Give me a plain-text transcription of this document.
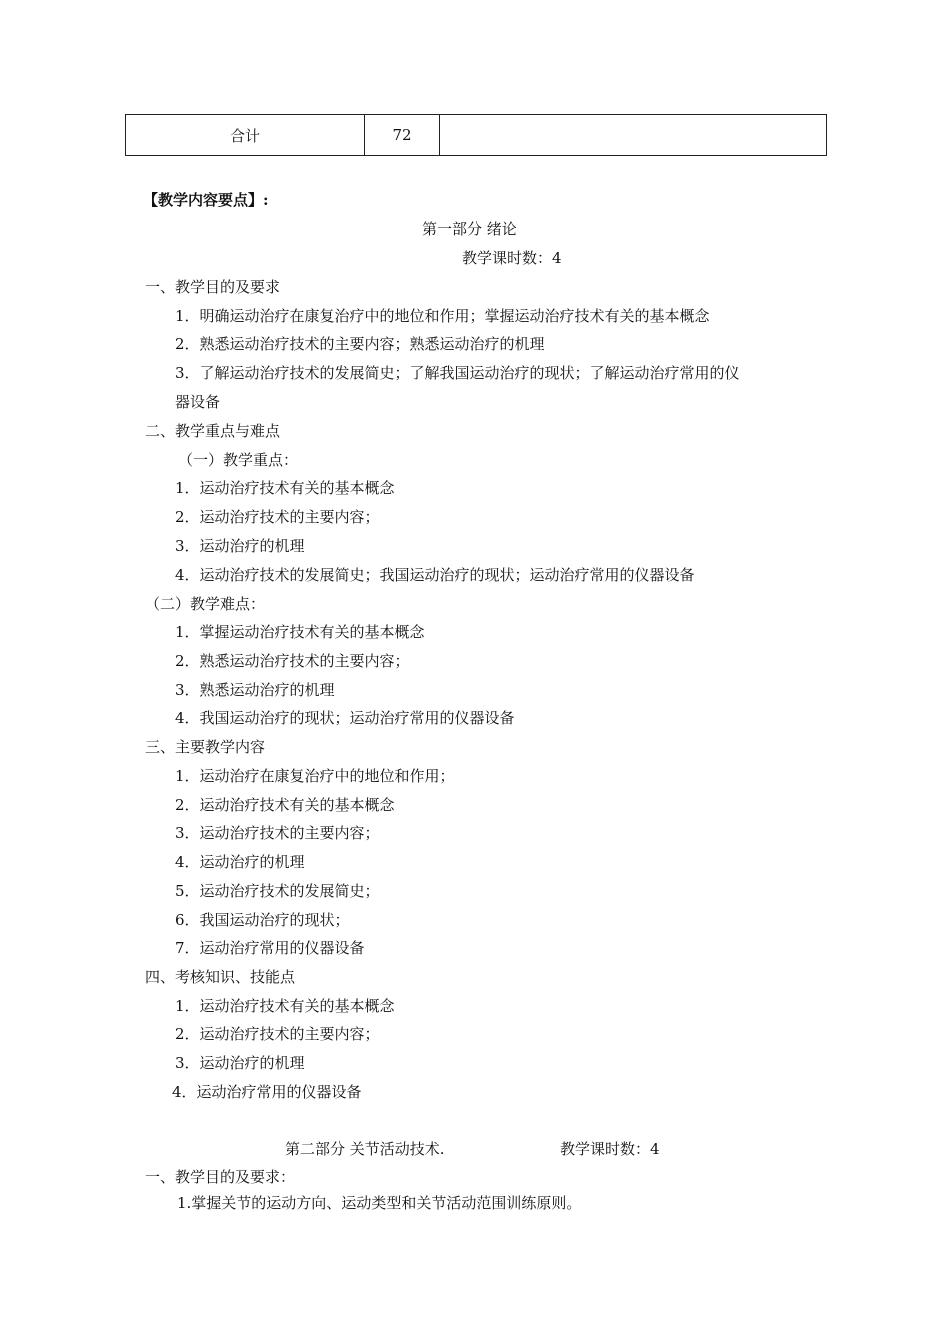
合计	72	
【教学内容要点】:
第一部分 绪论
教学课时数：4
一、教学目的及要求
1．明确运动治疗在康复治疗中的地位和作用；掌握运动治疗技术有关的基本概念
2．熟悉运动治疗技术的主要内容；熟悉运动治疗的机理
3．了解运动治疗技术的发展简史；了解我国运动治疗的现状；了解运动治疗常用的仪
器设备
二、教学重点与难点
（一）教学重点：
1．运动治疗技术有关的基本概念
2．运动治疗技术的主要内容；
3．运动治疗的机理
4．运动治疗技术的发展简史；我国运动治疗的现状；运动治疗常用的仪器设备
（二）教学难点：
1．掌握运动治疗技术有关的基本概念
2．熟悉运动治疗技术的主要内容；
3．熟悉运动治疗的机理
4．我国运动治疗的现状；运动治疗常用的仪器设备
三、主要教学内容
1．运动治疗在康复治疗中的地位和作用；
2．运动治疗技术有关的基本概念
3．运动治疗技术的主要内容；
4．运动治疗的机理
5．运动治疗技术的发展简史；
6．我国运动治疗的现状；
7．运动治疗常用的仪器设备
四、考核知识、技能点
1．运动治疗技术有关的基本概念
2．运动治疗技术的主要内容；
3．运动治疗的机理
4．运动治疗常用的仪器设备
第二部分 关节活动技术.	教学课时数：4
一、教学目的及要求：
1.掌握关节的运动方向、运动类型和关节活动范围训练原则。
